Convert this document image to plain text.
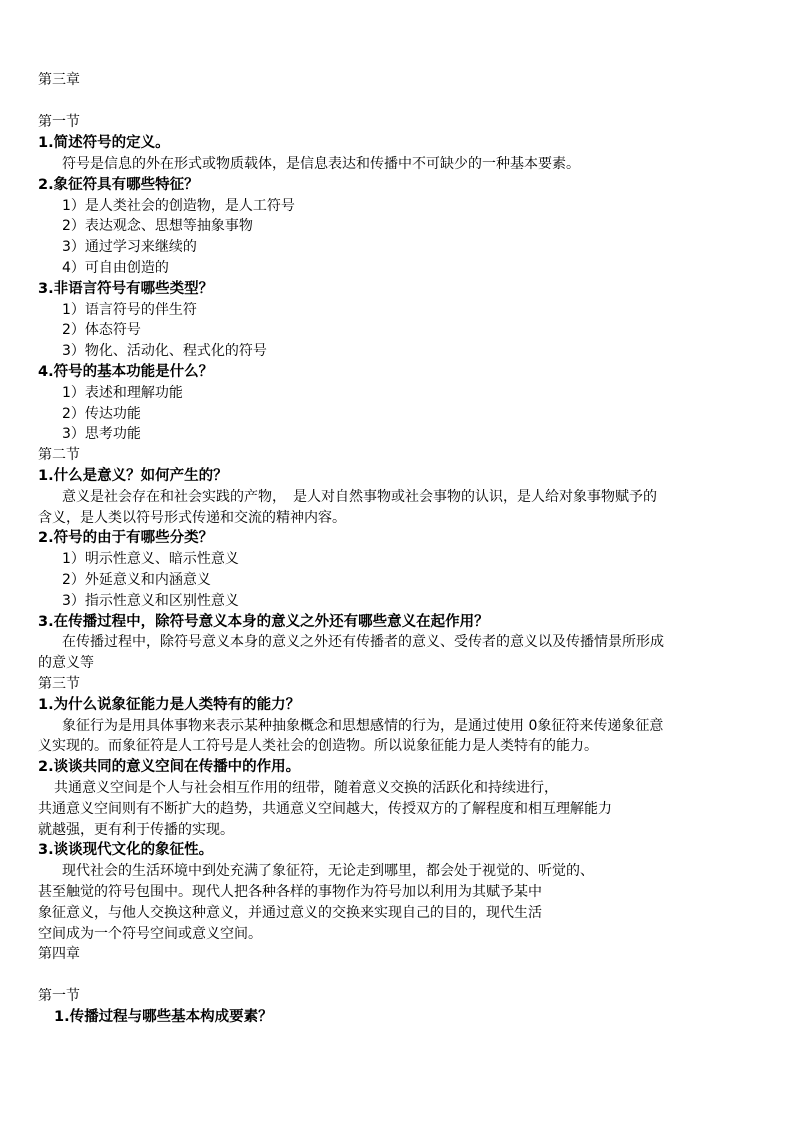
第三章
第一节
1.简述符号的定义。
符号是信息的外在形式或物质载体，是信息表达和传播中不可缺少的一种基本要素。
2.象征符具有哪些特征？
1）是人类社会的创造物，是人工符号
2）表达观念、思想等抽象事物
3）通过学习来继续的
4）可自由创造的
3.非语言符号有哪些类型？
1）语言符号的伴生符
2）体态符号
3）物化、活动化、程式化的符号
4.符号的基本功能是什么？
1）表述和理解功能
2）传达功能
3）思考功能
第二节
1.什么是意义？如何产生的？
意义是社会存在和社会实践的产物，　是人对自然事物或社会事物的认识，是人给对象事物赋予的
含义，是人类以符号形式传递和交流的精神内容。
2.符号的由于有哪些分类？
1）明示性意义、暗示性意义
2）外延意义和内涵意义
3）指示性意义和区别性意义
3.在传播过程中，除符号意义本身的意义之外还有哪些意义在起作用？
在传播过程中，除符号意义本身的意义之外还有传播者的意义、受传者的意义以及传播情景所形成
的意义等
第三节
1.为什么说象征能力是人类特有的能力？
象征行为是用具体事物来表示某种抽象概念和思想感情的行为，是通过使用 0象征符来传递象征意
义实现的。而象征符是人工符号是人类社会的创造物。所以说象征能力是人类特有的能力。
2.谈谈共同的意义空间在传播中的作用。
共通意义空间是个人与社会相互作用的纽带，随着意义交换的活跃化和持续进行，
共通意义空间则有不断扩大的趋势，共通意义空间越大，传授双方的了解程度和相互理解能力
就越强，更有利于传播的实现。
3.谈谈现代文化的象征性。
现代社会的生活环境中到处充满了象征符，无论走到哪里，都会处于视觉的、听觉的、
甚至触觉的符号包围中。现代人把各种各样的事物作为符号加以利用为其赋予某中
象征意义，与他人交换这种意义，并通过意义的交换来实现自己的目的，现代生活
空间成为一个符号空间或意义空间。
第四章
第一节
1.传播过程与哪些基本构成要素？
